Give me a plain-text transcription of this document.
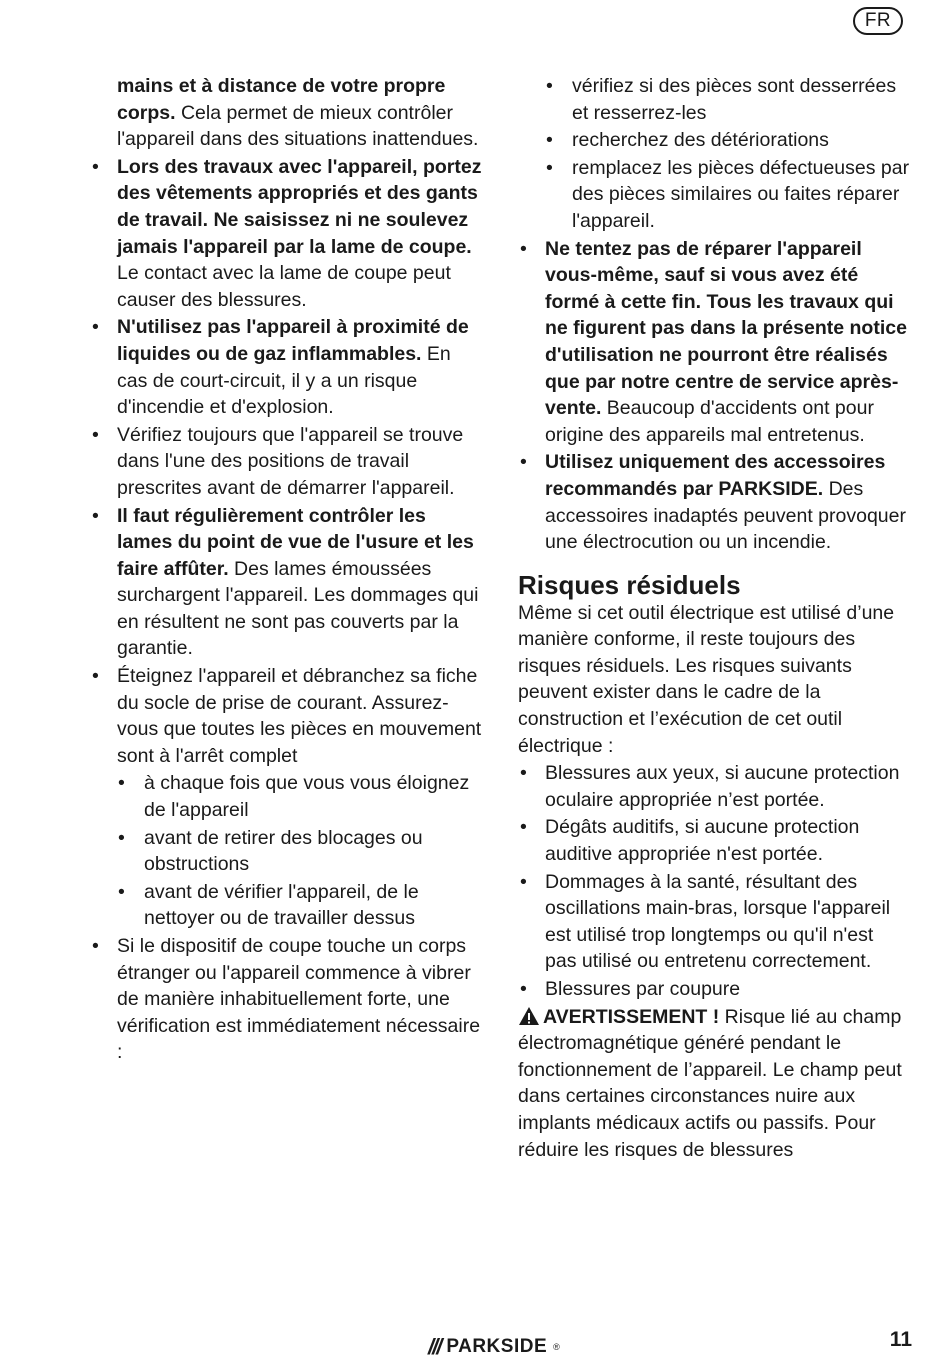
FR
mains et à distance de votre propre corps. Cela permet de mieux contrôler l'appareil dans des situations inattendues.
• Lors des travaux avec l'appareil, portez des vêtements appropriés et des gants de travail. Ne saisissez ni ne soulevez jamais l'appareil par la lame de coupe. Le contact avec la lame de coupe peut causer des blessures.
• N'utilisez pas l'appareil à proximité de liquides ou de gaz inflammables. En cas de court-circuit, il y a un risque d'incendie et d'explosion.
• Vérifiez toujours que l'appareil se trouve dans l'une des positions de travail prescrites avant de démarrer l'appareil.
• Il faut régulièrement contrôler les lames du point de vue de l'usure et les faire affûter. Des lames émoussées surchargent l'appareil. Les dommages qui en résultent ne sont pas couverts par la garantie.
• Éteignez l'appareil et débranchez sa fiche du socle de prise de courant. Assurez-vous que toutes les pièces en mouvement sont à l'arrêt complet
• à chaque fois que vous vous éloignez de l'appareil
• avant de retirer des blocages ou obstructions
• avant de vérifier l'appareil, de le nettoyer ou de travailler dessus
• Si le dispositif de coupe touche un corps étranger ou l'appareil commence à vibrer de manière inhabituellement forte, une vérification est immédiatement nécessaire :
• vérifiez si des pièces sont desserrées et resserrez-les
• recherchez des détériorations
• remplacez les pièces défectueuses par des pièces similaires ou faites réparer l'appareil.
• Ne tentez pas de réparer l'appareil vous-même, sauf si vous avez été formé à cette fin. Tous les travaux qui ne figurent pas dans la présente notice d'utilisation ne pourront être réalisés que par notre centre de service après-vente. Beaucoup d'accidents ont pour origine des appareils mal entretenus.
• Utilisez uniquement des accessoires recommandés par PARKSIDE. Des accessoires inadaptés peuvent provoquer une électrocution ou un incendie.
Risques résiduels
Même si cet outil électrique est utilisé d’une manière conforme, il reste toujours des risques résiduels. Les risques suivants peuvent exister dans le cadre de la construction et l’exécution de cet outil électrique :
• Blessures aux yeux, si aucune protection oculaire appropriée n’est portée.
• Dégâts auditifs, si aucune protection auditive appropriée n'est portée.
• Dommages à la santé, résultant des oscillations main-bras, lorsque l'appareil est utilisé trop longtemps ou qu'il n'est pas utilisé ou entretenu correctement.
• Blessures par coupure
AVERTISSEMENT ! Risque lié au champ électromagnétique généré pendant le fonctionnement de l’appareil. Le champ peut dans certaines circonstances nuire aux implants médicaux actifs ou passifs. Pour réduire les risques de blessures
/// PARKSIDE ®	11
